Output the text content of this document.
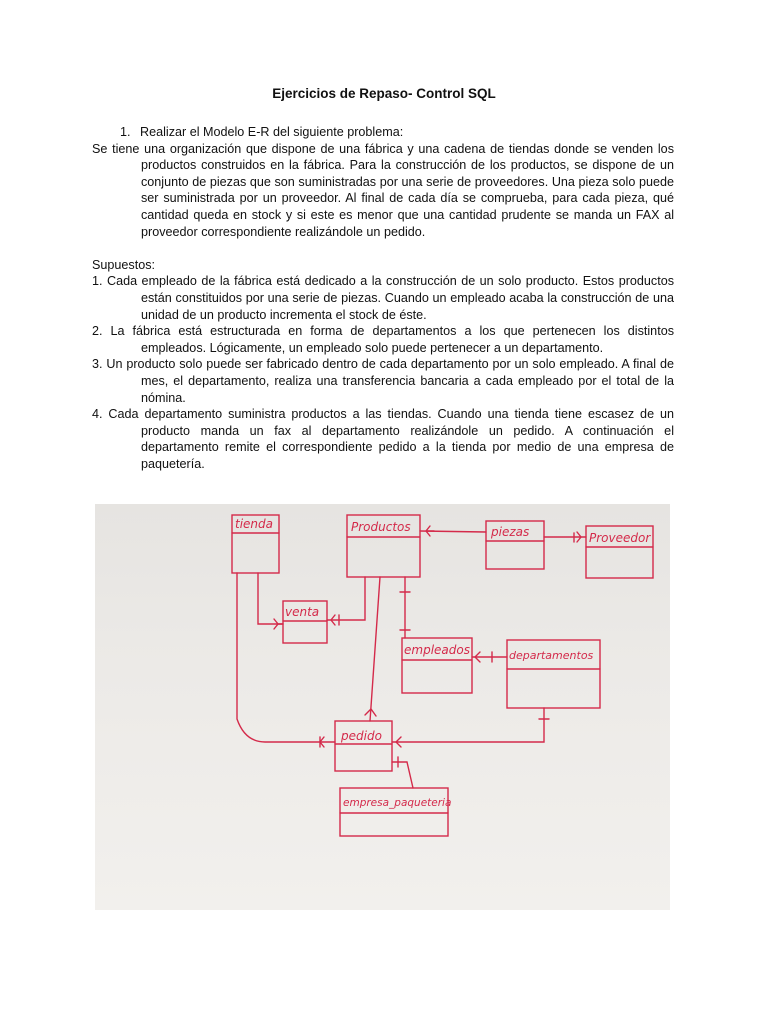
Ejercicios de Repaso- Control SQL

1. Realizar el Modelo E-R del siguiente problema:

Se tiene una organización que dispone de una fábrica y una cadena de tiendas donde se venden los productos construidos en la fábrica. Para la construcción de los productos, se dispone de un conjunto de piezas que son suministradas por una serie de proveedores. Una pieza solo puede ser suministrada por un proveedor. Al final de cada día se comprueba, para cada pieza, qué cantidad queda en stock y si este es menor que una cantidad prudente se manda un FAX al proveedor correspondiente realizándole un pedido.

Supuestos:

1. Cada empleado de la fábrica está dedicado a la construcción de un solo producto. Estos productos están constituidos por una serie de piezas. Cuando un empleado acaba la construcción de una unidad de un producto incrementa el stock de éste.

2. La fábrica está estructurada en forma de departamentos a los que pertenecen los distintos empleados. Lógicamente, un empleado solo puede pertenecer a un departamento.

3. Un producto solo puede ser fabricado dentro de cada departamento por un solo empleado. A final de mes, el departamento, realiza una transferencia bancaria a cada empleado por el total de la nómina.

4. Cada departamento suministra productos a las tiendas. Cuando una tienda tiene escasez de un producto manda un fax al departamento realizándole un pedido. A continuación el departamento remite el correspondiente pedido a la tienda por medio de una empresa de paquetería.

tienda	Productos	piezas	Proveedor
venta
empleados	departamentos
pedido
empresa_paqueteria
